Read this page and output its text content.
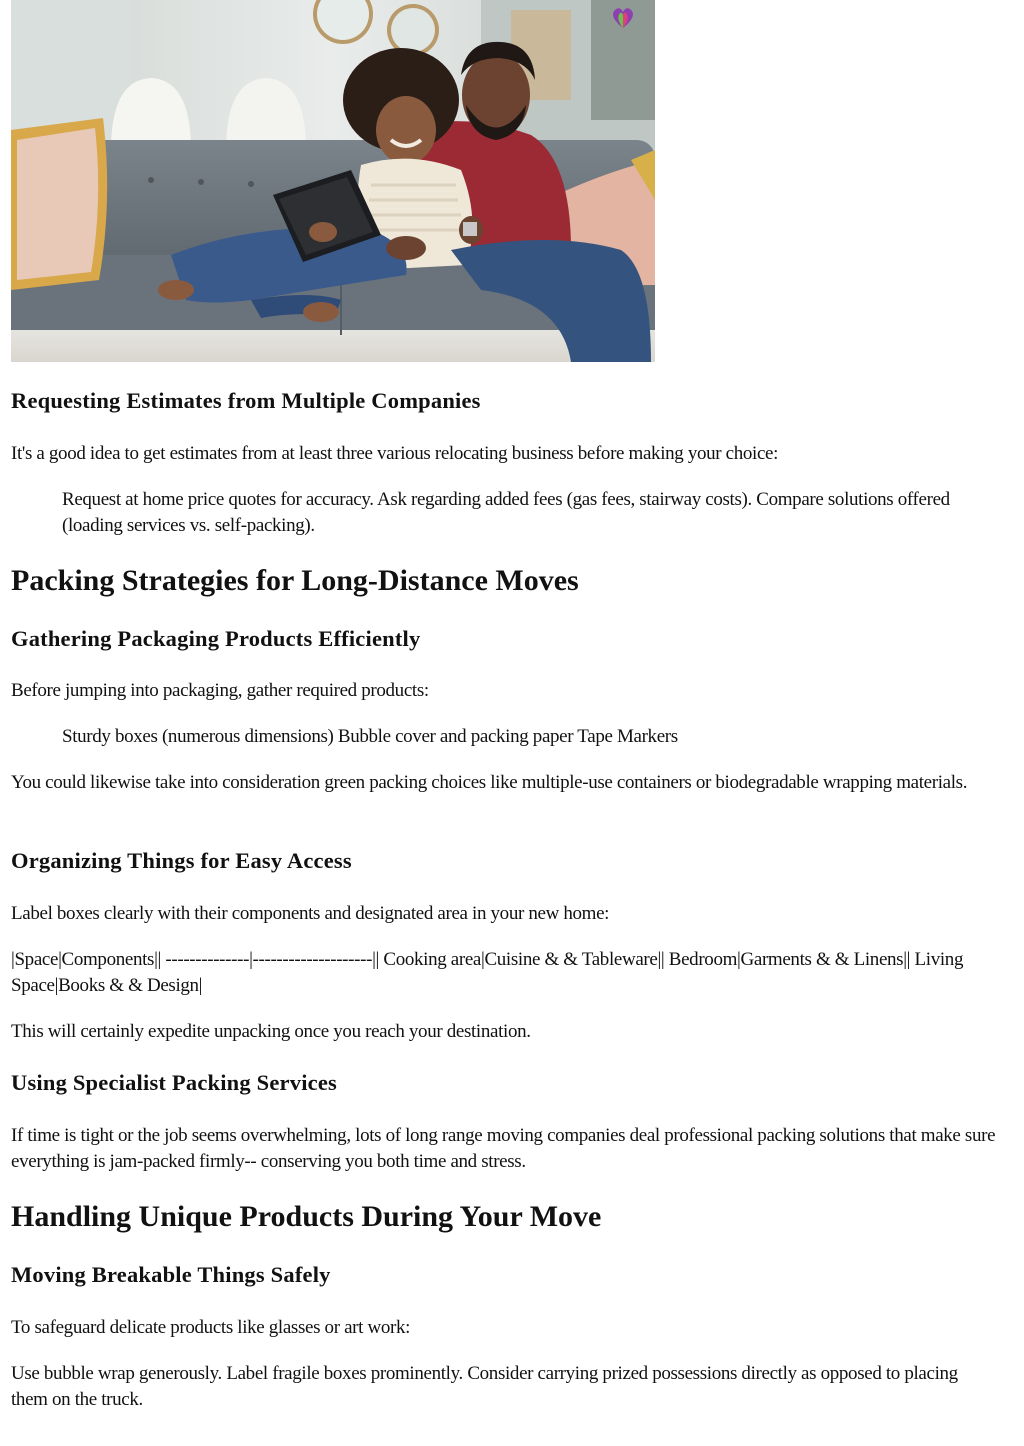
Requesting Estimates from Multiple Companies

It's a good idea to get estimates from at least three various relocating business before making your choice:

Request at home price quotes for accuracy. Ask regarding added fees (gas fees, stairway costs). Compare solutions offered (loading services vs. self-packing).

Packing Strategies for Long-Distance Moves
Gathering Packaging Products Efficiently

Before jumping into packaging, gather required products:

Sturdy boxes (numerous dimensions) Bubble cover and packing paper Tape Markers

You could likewise take into consideration green packing choices like multiple-use containers or biodegradable wrapping materials.

Organizing Things for Easy Access

Label boxes clearly with their components and designated area in your new home:

|Space|Components|| --------------|--------------------|| Cooking area|Cuisine & & Tableware|| Bedroom|Garments & & Linens|| Living Space|Books & & Design|

This will certainly expedite unpacking once you reach your destination.

Using Specialist Packing Services

If time is tight or the job seems overwhelming, lots of long range moving companies deal professional packing solutions that make sure everything is jam-packed firmly-- conserving you both time and stress.

Handling Unique Products During Your Move
Moving Breakable Things Safely

To safeguard delicate products like glasses or art work:

Use bubble wrap generously. Label fragile boxes prominently. Consider carrying prized possessions directly as opposed to placing them on the truck.
